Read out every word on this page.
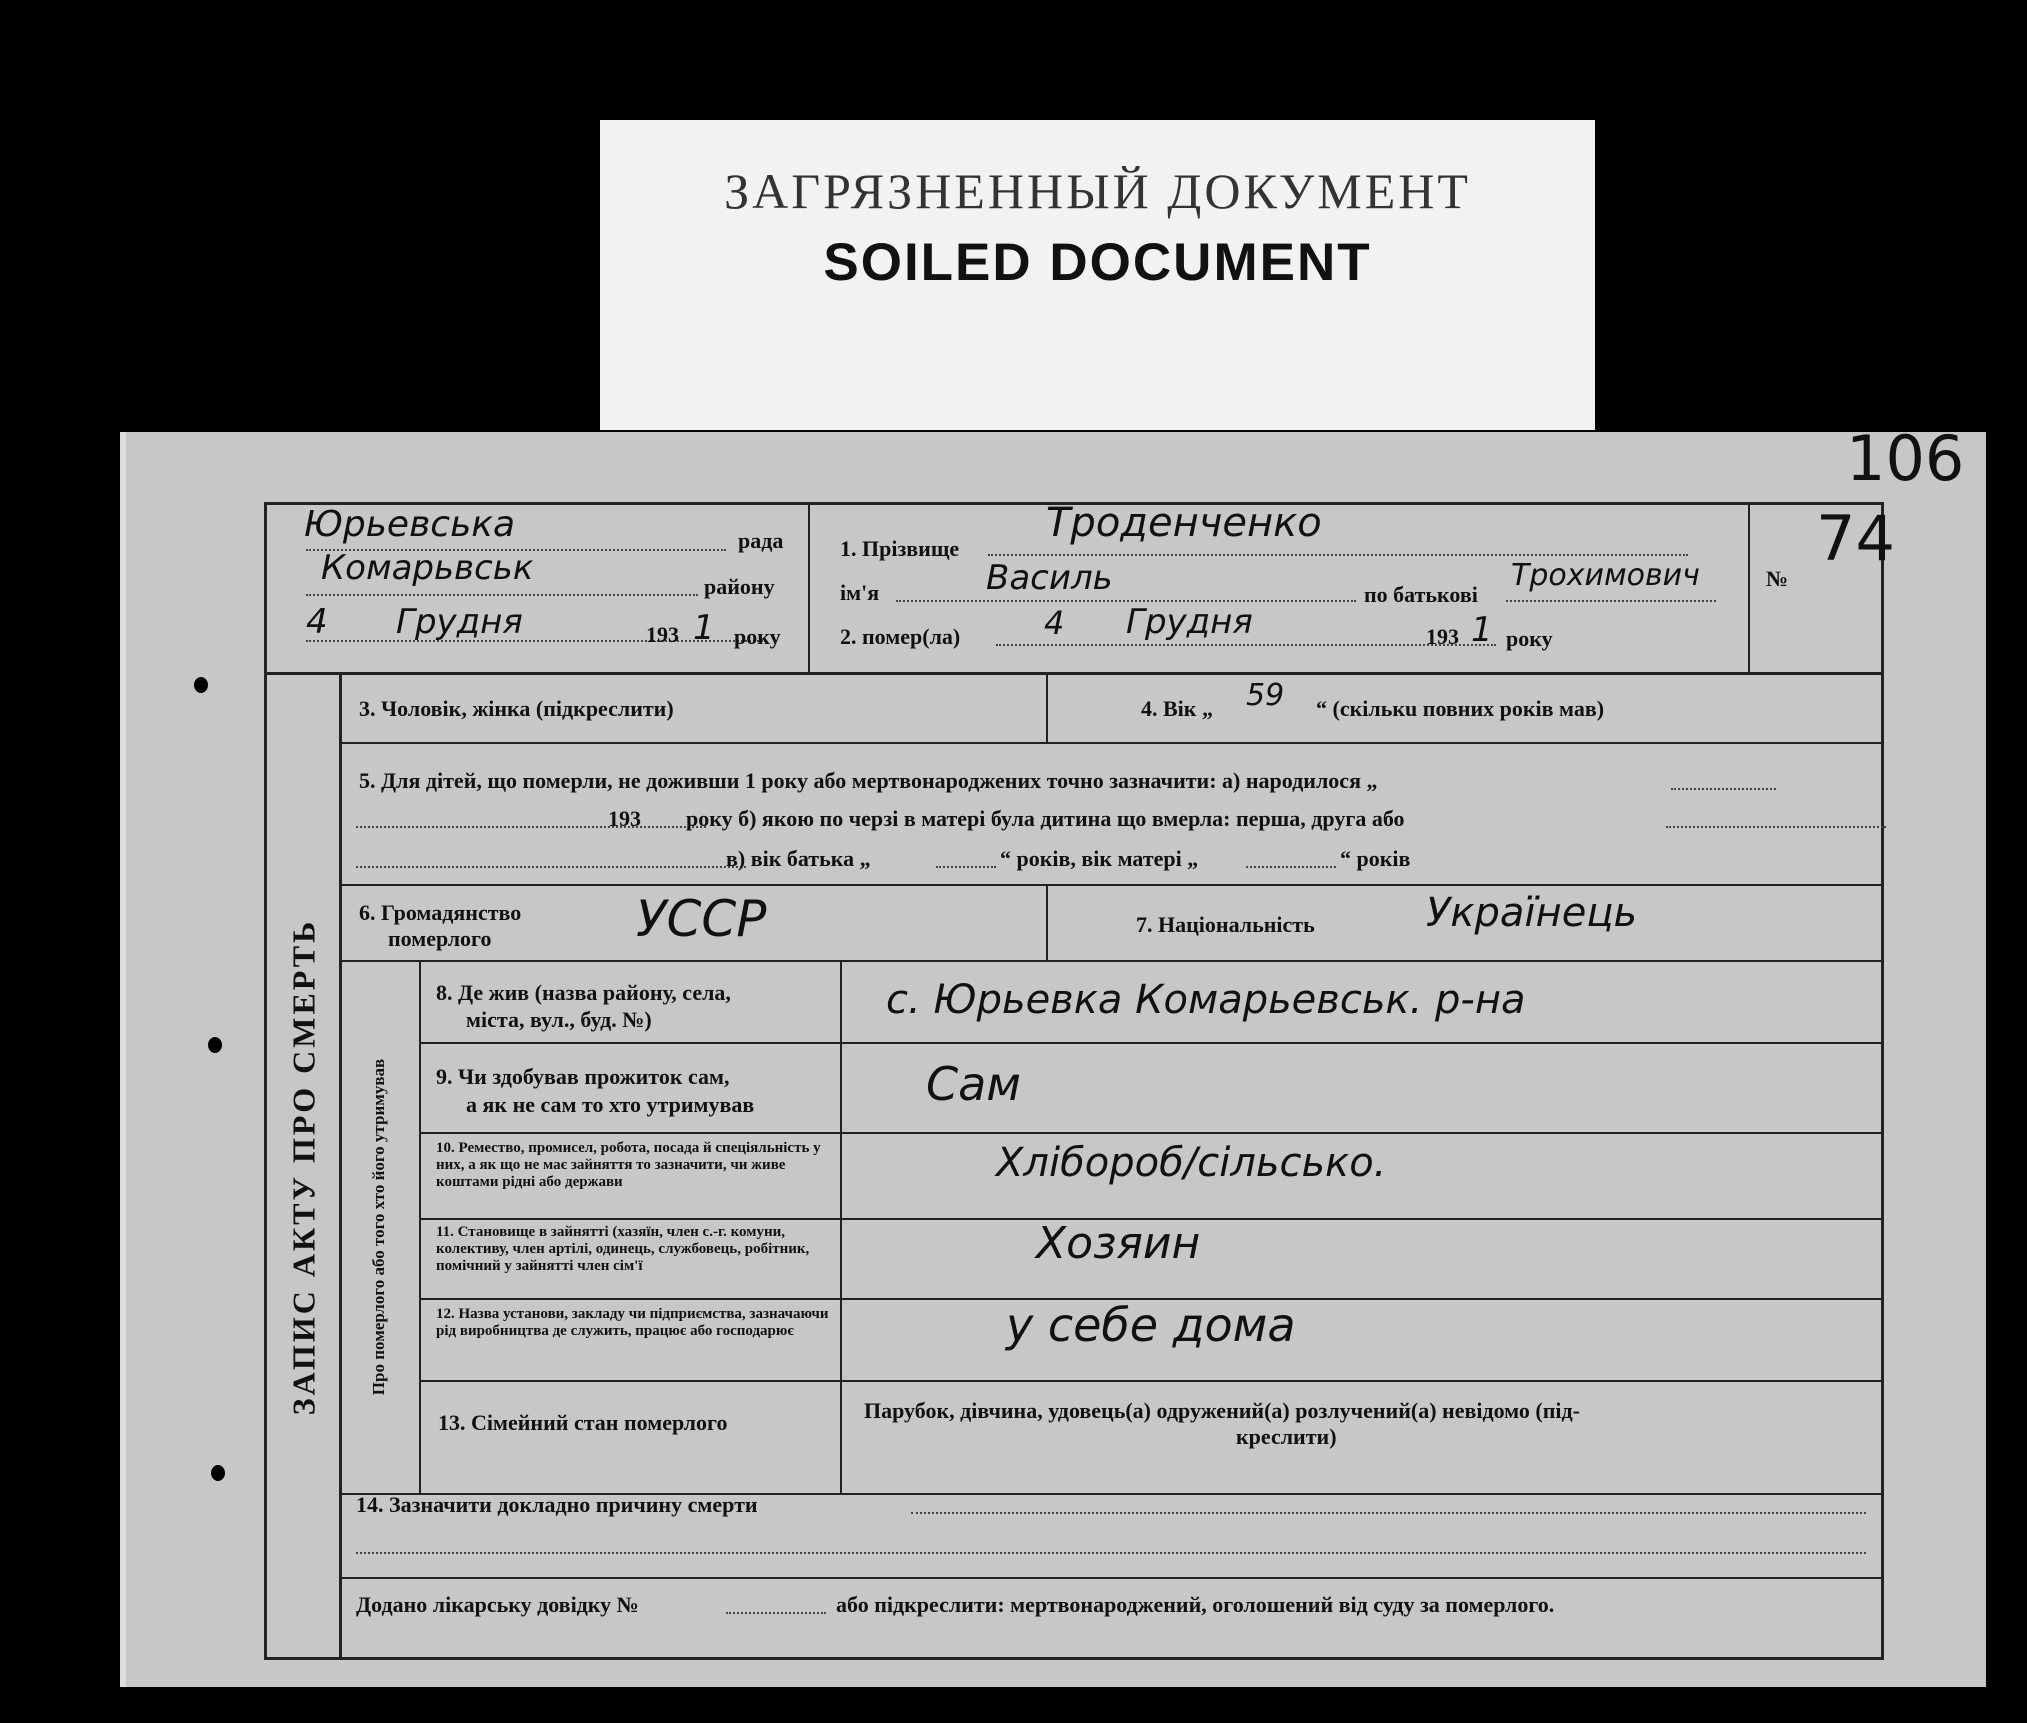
ЗАГРЯЗНЕННЫЙ ДОКУМЕНТ
SOILED DOCUMENT
106
ЗАПИС АКТУ ПРО СМЕРТЬ	Про померлого або того хто його утримував
Юрьевська	рада
Комарьвськ	району
4 Грудня	193 1 року
1. Прізвище
Троденченко
ім'я	Василь	по батькові
Трохимович
2. помер(ла)	4 Грудня	193 1 року
№
74
3. Чоловік, жінка (підкреслити)	4. Вік „ 59 “ (скількu повних років мав)
5. Для дітей, що померли, не доживши 1 року або мертвонароджених точно зазначити: а) народилося „
193 року б) якою по черзі в матері була дитина що вмерла: перша, друга або
в) вік батька „	“ років, вік матері „	“ років
6. Громадянство
померлого	УССР	7. Національність	Українець
8. Де жив (назва району, села,
міста, вул., буд. №)	с. Юрьевка Комарьевськ. р-на
9. Чи здобував прожиток сам,
а як не сам то хто утримував	Сам
10. Ремество, промисел, робота, посада й спеціяльність у них, а як що не має зайняття то зазначити, чи живе коштами рідні або держави	Хлібороб/сільсько.
11. Становище в зайнятті (хазяїн, член с.-г. комуни, колективу, член артілі, одинець, службовець, робітник, помічний у зайнятті член сім'ї	Хозяин
12. Назва установи, закладу чи підприємства, зазначаючи рід виробництва де служить, працює або господарює	у себе дома
13. Сімейний стан померлого	Парубок, дівчина, удовець(а) одружений(а) розлучений(а) невідомо (під-
креслити)
14. Зазначити докладно причину смерти
Додано лікарську довідку №	або підкреслити: мертвонароджений, оголошений від суду за померлого.
